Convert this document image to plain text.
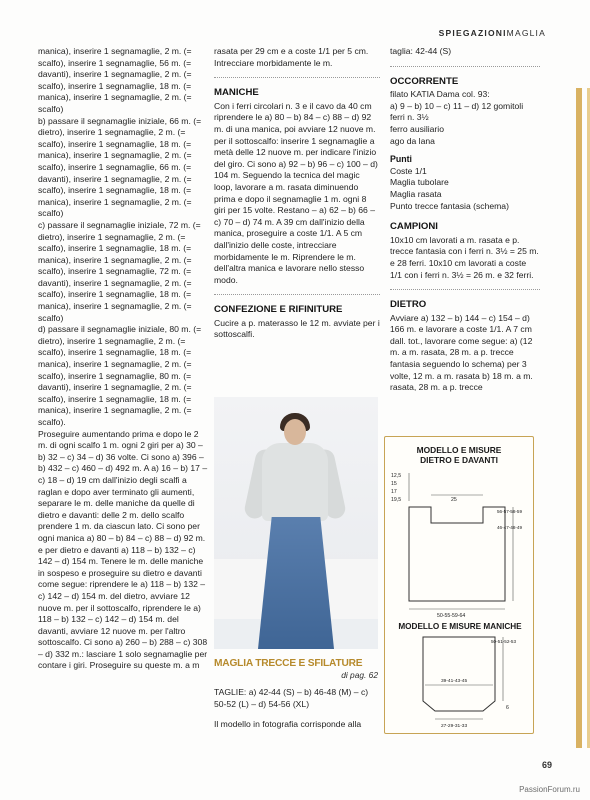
SPIEGAZIONIMAGLIA

manica), inserire 1 segnamaglie, 2 m. (= scalfo), inserire 1 segnamaglie, 56 m. (= davanti), inserire 1 segnamaglie, 2 m. (= scalfo), inserire 1 segnamaglie, 18 m. (= manica), inserire 1 segnamaglie, 2 m. (= scalfo)

b) passare il segnamaglie iniziale, 66 m. (= dietro), inserire 1 segnamaglie, 2 m. (= scalfo), inserire 1 segnamaglie, 18 m. (= manica), inserire 1 segnamaglie, 2 m. (= scalfo), inserire 1 segnamaglie, 66 m. (= davanti), inserire 1 segnamaglie, 2 m. (= scalfo), inserire 1 segnamaglie, 18 m. (= manica), inserire 1 segnamaglie, 2 m. (= scalfo)

c) passare il segnamaglie iniziale, 72 m. (= dietro), inserire 1 segnamaglie, 2 m. (= scalfo), inserire 1 segnamaglie, 18 m. (= manica), inserire 1 segnamaglie, 2 m. (= scalfo), inserire 1 segnamaglie, 72 m. (= davanti), inserire 1 segnamaglie, 2 m. (= scalfo), inserire 1 segnamaglie, 18 m. (= manica), inserire 1 segnamaglie, 2 m. (= scalfo)

d) passare il segnamaglie iniziale, 80 m. (= dietro), inserire 1 segnamaglie, 2 m. (= scalfo), inserire 1 segnamaglie, 18 m. (= manica), inserire 1 segnamaglie, 2 m. (= scalfo), inserire 1 segnamaglie, 80 m. (= davanti), inserire 1 segnamaglie, 2 m. (= scalfo), inserire 1 segnamaglie, 18 m. (= manica), inserire 1 segnamaglie, 2 m. (= scalfo).

Proseguire aumentando prima e dopo le 2 m. di ogni scalfo 1 m. ogni 2 giri per a) 30 – b) 32 – c) 34 – d) 36 volte. Ci sono a) 396 – b) 432 – c) 460 – d) 492 m. A a) 16 – b) 17 – c) 18 – d) 19 cm dall'inizio degli scalfi a raglan e dopo aver terminato gli aumenti, separare le m. delle maniche da quelle di dietro e davanti: delle 2 m. dello scalfo prendere 1 m. da ciascun lato. Ci sono per ogni manica a) 80 – b) 84 – c) 88 – d) 92 m. e per dietro e davanti a) 118 – b) 132 – c) 142 – d) 154 m. Tenere le m. delle maniche in sospeso e proseguire su dietro e davanti come segue: riprendere le a) 118 – b) 132 – c) 142 – d) 154 m. del dietro, avviare 12 nuove m. per il sottoscalfo, riprendere le a) 118 – b) 132 – c) 142 – d) 154 m. del davanti, avviare 12 nuove m. per l'altro sottoscalfo. Ci sono a) 260 – b) 288 – c) 308 – d) 332 m.: lasciare 1 solo segnamaglie per contare i giri. Proseguire su queste m. a m

rasata per 29 cm e a coste 1/1 per 5 cm. Intrecciare morbidamente le m.

MANICHE

Con i ferri circolari n. 3 e il cavo da 40 cm riprendere le a) 80 – b) 84 – c) 88 – d) 92 m. di una manica, poi avviare 12 nuove m. per il sottoscalfo: inserire 1 segnamaglie a metà delle 12 nuove m. per indicare l'inizio del giro. Ci sono a) 92 – b) 96 – c) 100 – d) 104 m. Seguendo la tecnica del magic loop, lavorare a m. rasata diminuendo prima e dopo il segnamaglie 1 m. ogni 8 giri per 15 volte. Restano – a) 62 – b) 66 – c) 70 – d) 74 m. A 39 cm dall'inizio della manica, proseguire a coste 1/1. A 5 cm dall'inizio delle coste, intrecciare morbidamente le m. Riprendere le m. dell'altra manica e lavorare nello stesso modo.

CONFEZIONE E RIFINITURE

Cucire a p. materasso le 12 m. avviate per i sottoscalfi.

MAGLIA TRECCE E SFILATURE
di pag. 62
TAGLIE: a) 42-44 (S) – b) 46-48 (M) – c) 50-52 (L) – d) 54-56 (XL)
Il modello in fotografia corrisponde alla

taglia: 42-44 (S)

OCCORRENTE

filato KATIA Dama col. 93:

a) 9 – b) 10 – c) 11 – d) 12 gomitoli

ferri n. 3½

ferro ausiliario

ago da lana

Punti

Coste 1/1

Maglia tubolare

Maglia rasata

Punto trecce fantasia (schema)

CAMPIONI

10x10 cm lavorati a m. rasata e p. trecce fantasia con i ferri n. 3½ = 25 m. e 28 ferri. 10x10 cm lavorati a coste 1/1 con i ferri n. 3½ = 26 m. e 32 ferri.

DIETRO

Avviare a) 132 – b) 144 – c) 154 – d) 166 m. e lavorare a coste 1/1. A 7 cm dall. tot., lavorare come segue: a) (12 m. a m. rasata, 28 m. a p. trecce fantasia seguendo lo schema) per 3 volte, 12 m. a m. rasata b) 18 m. a m. rasata, 28 m. a p. trecce

MODELLO E MISURE
DIETRO E DAVANTI
12,5
15
17
19,5	25
56-57-58-59
46-47-48-49
50-55-59-64
MODELLO E MISURE MANICHE
50-51-52-53
39-41-43-45
6
27-29-31-33
69
PassionForum.ru
